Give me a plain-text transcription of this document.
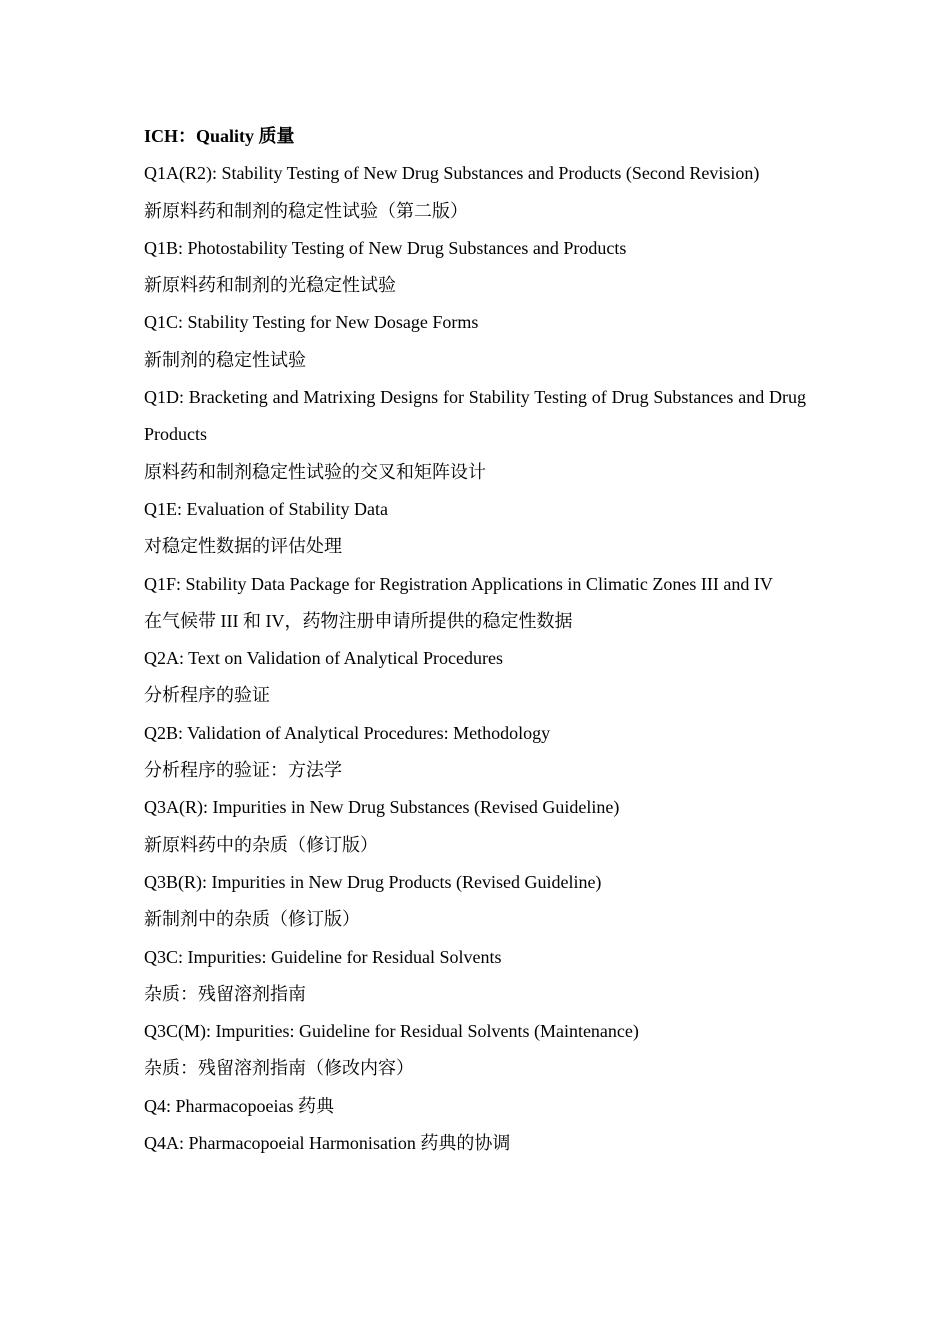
ICH：Quality 质量

Q1A(R2): Stability Testing of New Drug Substances and Products (Second Revision)

新原料药和制剂的稳定性试验（第二版）

Q1B: Photostability Testing of New Drug Substances and Products

新原料药和制剂的光稳定性试验

Q1C: Stability Testing for New Dosage Forms

新制剂的稳定性试验

Q1D: Bracketing and Matrixing Designs for Stability Testing of Drug Substances and Drug Products

原料药和制剂稳定性试验的交叉和矩阵设计

Q1E: Evaluation of Stability Data

对稳定性数据的评估处理

Q1F: Stability Data Package for Registration Applications in Climatic Zones III and IV

在气候带 III 和 IV，药物注册申请所提供的稳定性数据

Q2A: Text on Validation of Analytical Procedures

分析程序的验证

Q2B: Validation of Analytical Procedures: Methodology

分析程序的验证：方法学

Q3A(R): Impurities in New Drug Substances (Revised Guideline)

新原料药中的杂质（修订版）

Q3B(R): Impurities in New Drug Products (Revised Guideline)

新制剂中的杂质（修订版）

Q3C: Impurities: Guideline for Residual Solvents

杂质：残留溶剂指南

Q3C(M): Impurities: Guideline for Residual Solvents (Maintenance)

杂质：残留溶剂指南（修改内容）

Q4: Pharmacopoeias 药典

Q4A: Pharmacopoeial Harmonisation 药典的协调
